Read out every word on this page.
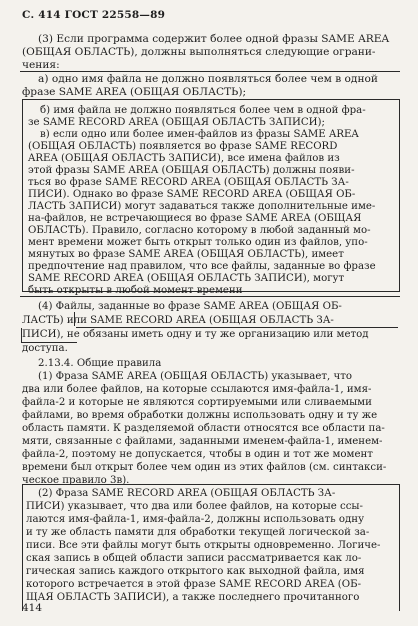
С. 414 ГОСТ 22558—89
(3) Если программа содержит более одной фразы SAME AREA
(ОБЩАЯ ОБЛАСТЬ), должны выполняться следующие ограни-
чения:
а) одно имя файла не должно появляться более чем в одной
фразе SAME AREA (ОБЩАЯ ОБЛАСТЬ);
б) имя файла не должно появляться более чем в одной фра-
зе SAME RECORD AREA (ОБЩАЯ ОБЛАСТЬ ЗАПИСИ);
в) если одно или более имен-файлов из фразы SAME AREA
(ОБЩАЯ ОБЛАСТЬ) появляется во фразе SAME RECORD
AREA (ОБЩАЯ ОБЛАСТЬ ЗАПИСИ), все имена файлов из
этой фразы SAME AREA (ОБЩАЯ ОБЛАСТЬ) должны появи-
ться во фразе SAME RECORD AREA (ОБЩАЯ ОБЛАСТЬ ЗА-
ПИСИ). Однако во фразе SAME RECORD AREA (ОБЩАЯ ОБ-
ЛАСТЬ ЗАПИСИ) могут задаваться также дополнительные име-
на-файлов, не встречающиеся во фразе SAME AREA (ОБЩАЯ
ОБЛАСТЬ). Правило, согласно которому в любой заданный мо-
мент времени может быть открыт только один из файлов, упо-
мянутых во фразе SAME AREA (ОБЩАЯ ОБЛАСТЬ), имеет
предпочтение над правилом, что все файлы, заданные во фразе
SAME RECORD AREA (ОБЩАЯ ОБЛАСТЬ ЗАПИСИ), могут
быть открыты в любой момент времени
(4) Файлы, заданные во фразе SAME AREA (ОБЩАЯ ОБ-
ЛАСТЬ) или SAME RECORD AREA (ОБЩАЯ ОБЛАСТЬ ЗА-
ПИСИ), не обязаны иметь одну и ту же организацию или метод
доступа.
2.13.4. Общие правила
(1) Фраза SAME AREA (ОБЩАЯ ОБЛАСТЬ) указывает, что
два или более файлов, на которые ссылаются имя-файла-1, имя-
файла-2 и которые не являются сортируемыми или сливаемыми
файлами, во время обработки должны использовать одну и ту же
область памяти. К разделяемой области относятся все области па-
мяти, связанные с файлами, заданными именем-файла-1, именем-
файла-2, поэтому не допускается, чтобы в один и тот же момент
времени был открыт более чем один из этих файлов (см. синтакси-
ческое правило 3в).
(2) Фраза SAME RECORD AREA (ОБЩАЯ ОБЛАСТЬ ЗА-
ПИСИ) указывает, что два или более файлов, на которые ссы-
лаются имя-файла-1, имя-файла-2, должны использовать одну
и ту же область памяти для обработки текущей логической за-
писи. Все эти файлы могут быть открыты одновременно. Логиче-
ская запись в общей области записи рассматривается как ло-
гическая запись каждого открытого как выходной файла, имя
которого встречается в этой фразе SAME RECORD AREA (ОБ-
ЩАЯ ОБЛАСТЬ ЗАПИСИ), а также последнего прочитанного
414
